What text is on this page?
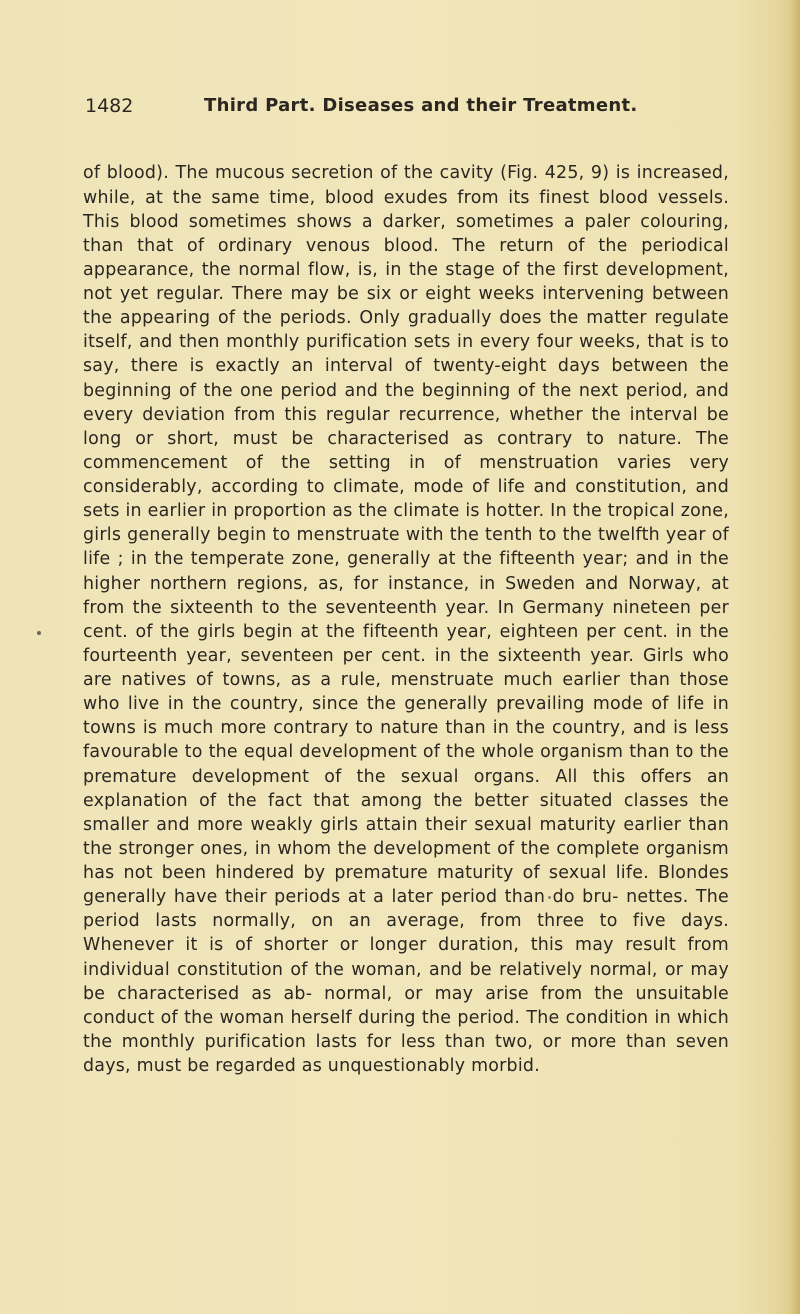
1482	Third Part. Diseases and their Treatment.

of blood). The mucous secretion of the cavity (Fig. 425, 9) is increased, while, at the same time, blood exudes from its finest blood vessels. This blood sometimes shows a darker, sometimes a paler colouring, than that of ordinary venous blood. The return of the periodical appearance, the normal flow, is, in the stage of the first development, not yet regular. There may be six or eight weeks intervening between the appearing of the periods. Only gradually does the matter regulate itself, and then monthly purification sets in every four weeks, that is to say, there is exactly an interval of twenty-eight days between the beginning of the one period and the beginning of the next period, and every deviation from this regular recurrence, whether the interval be long or short, must be characterised as contrary to nature. The commencement of the setting in of menstruation varies very considerably, according to climate, mode of life and constitution, and sets in earlier in proportion as the climate is hotter. In the tropical zone, girls generally begin to menstruate with the tenth to the twelfth year of life ; in the temperate zone, generally at the fifteenth year; and in the higher northern regions, as, for instance, in Sweden and Norway, at from the sixteenth to the seventeenth year. In Germany nineteen per cent. of the girls begin at the fifteenth year, eighteen per cent. in the fourteenth year, seventeen per cent. in the sixteenth year. Girls who are natives of towns, as a rule, menstruate much earlier than those who live in the country, since the generally prevailing mode of life in towns is much more contrary to nature than in the country, and is less favourable to the equal development of the whole organism than to the premature development of the sexual organs. All this offers an explanation of the fact that among the better situated classes the smaller and more weakly girls attain their sexual maturity earlier than the stronger ones, in whom the development of the complete organism has not been hindered by premature maturity of sexual life. Blondes generally have their periods at a later period than do bru- nettes. The period lasts normally, on an average, from three to five days. Whenever it is of shorter or longer duration, this may result from individual constitution of the woman, and be relatively normal, or may be characterised as ab- normal, or may arise from the unsuitable conduct of the woman herself during the period. The condition in which the monthly purification lasts for less than two, or more than seven days, must be regarded as unquestionably morbid.
